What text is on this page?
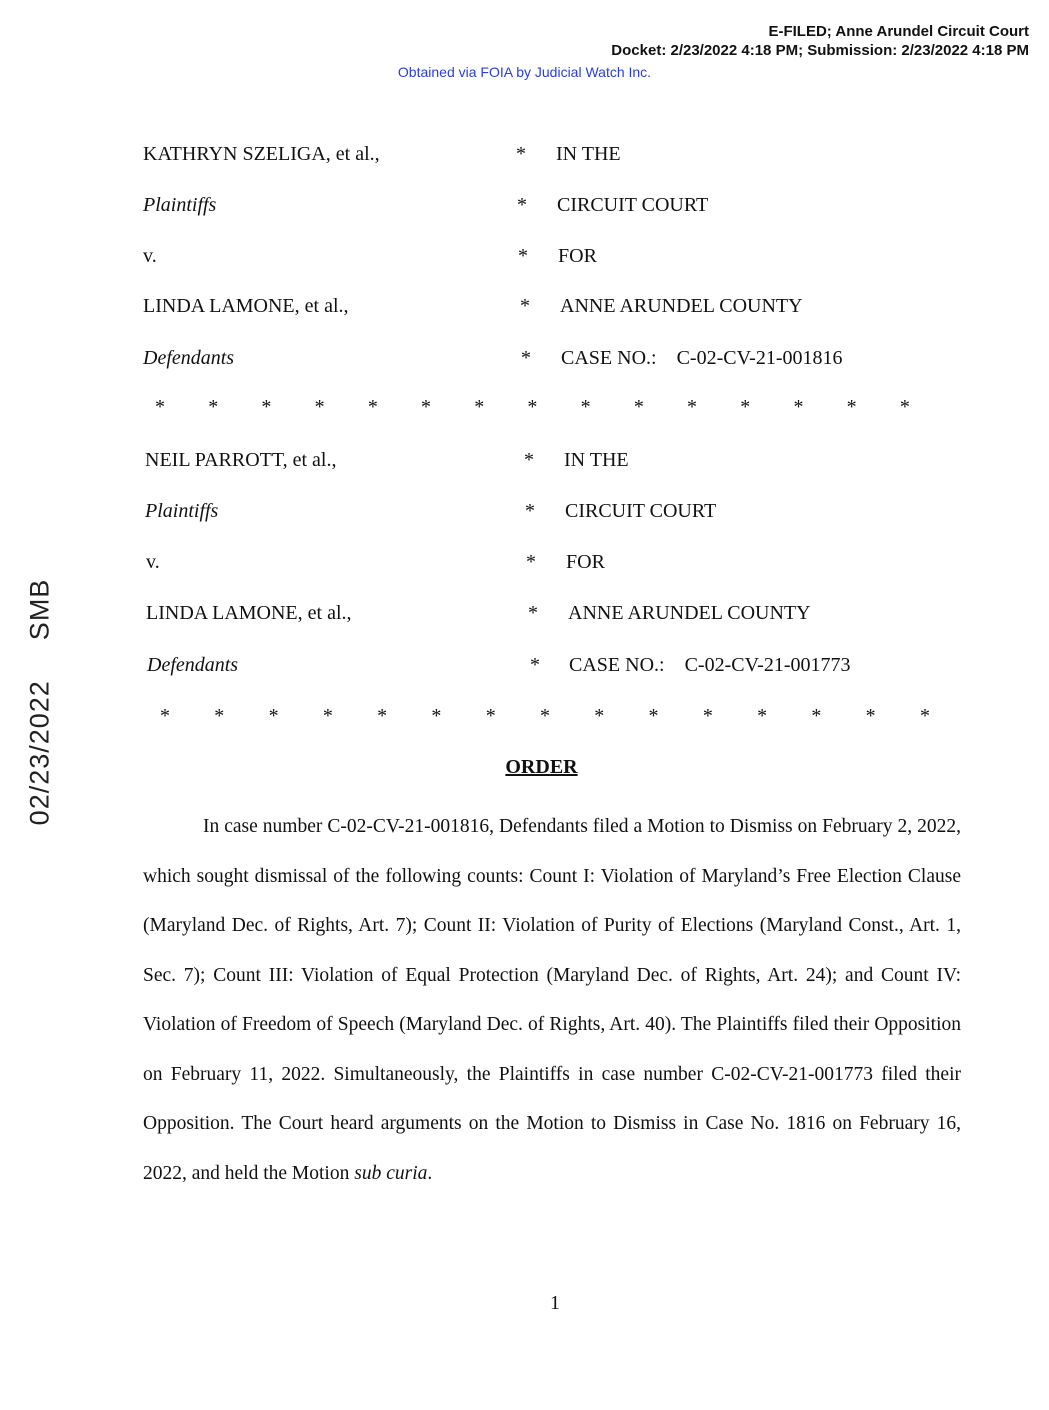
E-FILED; Anne Arundel Circuit Court
Docket: 2/23/2022 4:18 PM; Submission: 2/23/2022 4:18 PM
Obtained via FOIA by Judicial Watch Inc.
02/23/2022SMB
KATHRYN SZELIGA, et al.,	* IN THE
Plaintiffs	* CIRCUIT COURT
v.	* FOR
LINDA LAMONE, et al.,	* ANNE ARUNDEL COUNTY
Defendants	* CASE NO.:    C-02-CV-21-001816
* * * * * * * * * * * * * * *
NEIL PARROTT, et al.,	* IN THE
Plaintiffs	* CIRCUIT COURT
v.	* FOR
LINDA LAMONE, et al.,	* ANNE ARUNDEL COUNTY
Defendants	* CASE NO.:    C-02-CV-21-001773
* * * * * * * * * * * * * * *
ORDER

In case number C-02-CV-21-001816, Defendants filed a Motion to Dismiss on February 2, 2022, which sought dismissal of the following counts: Count I: Violation of Maryland’s Free Election Clause (Maryland Dec. of Rights, Art. 7); Count II: Violation of Purity of Elections (Maryland Const., Art. 1, Sec. 7); Count III: Violation of Equal Protection (Maryland Dec. of Rights, Art. 24); and Count IV: Violation of Freedom of Speech (Maryland Dec. of Rights, Art. 40). The Plaintiffs filed their Opposition on February 11, 2022. Simultaneously, the Plaintiffs in case number C-02-CV-21-001773 filed their Opposition. The Court heard arguments on the Motion to Dismiss in Case No. 1816 on February 16, 2022, and held the Motion sub curia.

1
